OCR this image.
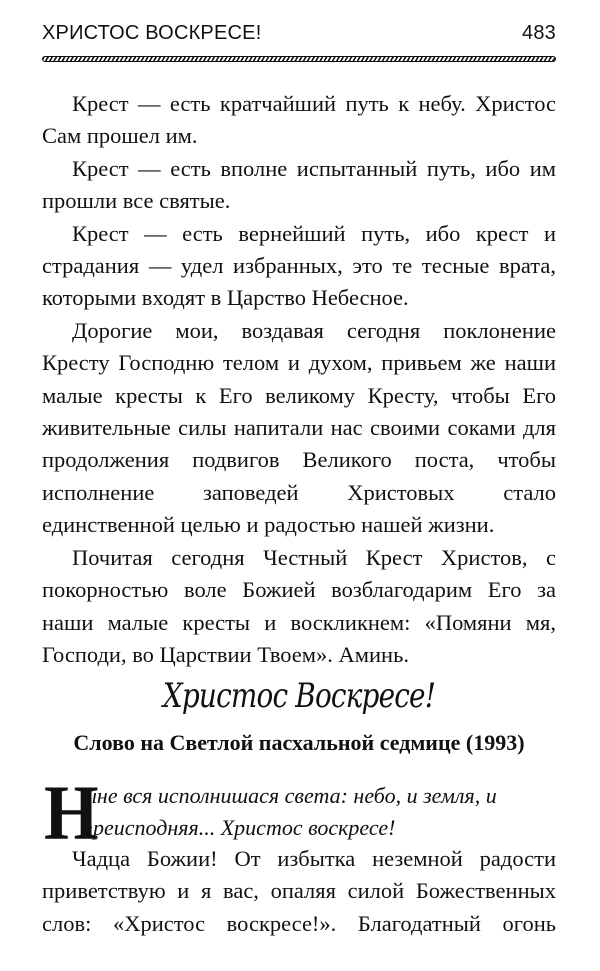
ХРИСТОС ВОСКРЕСЕ!	483

Крест — есть кратчайший путь к небу. Христос Сам прошел им.

Крест — есть вполне испытанный путь, ибо им прошли все святые.

Крест — есть вернейший путь, ибо крест и страдания — удел избранных, это те тесные врата, которыми входят в Царство Небесное.

Дорогие мои, воздавая сегодня поклонение Кресту Господню телом и духом, привьем же наши малые кресты к Его великому Кресту, чтобы Его живительные силы напитали нас своими соками для продолжения подвигов Великого поста, чтобы исполнение заповедей Христовых стало единственной целью и радостью нашей жизни.

Почитая сегодня Честный Крест Христов, с покорностью воле Божией возблагодарим Его за наши малые кресты и воскликнем: «Помяни мя, Господи, во Царствии Твоем». Аминь.

Христос Воскресе!
Слово на Светлой пасхальной седмице (1993)
Н
ыне вся исполнишася света: небо, и земля, и
преисподняя... Христос воскресе!

Чадца Божии! От избытка неземной радости приветствую и я вас, опаляя силой Божественных слов: «Христос воскресе!». Благодатный огонь
